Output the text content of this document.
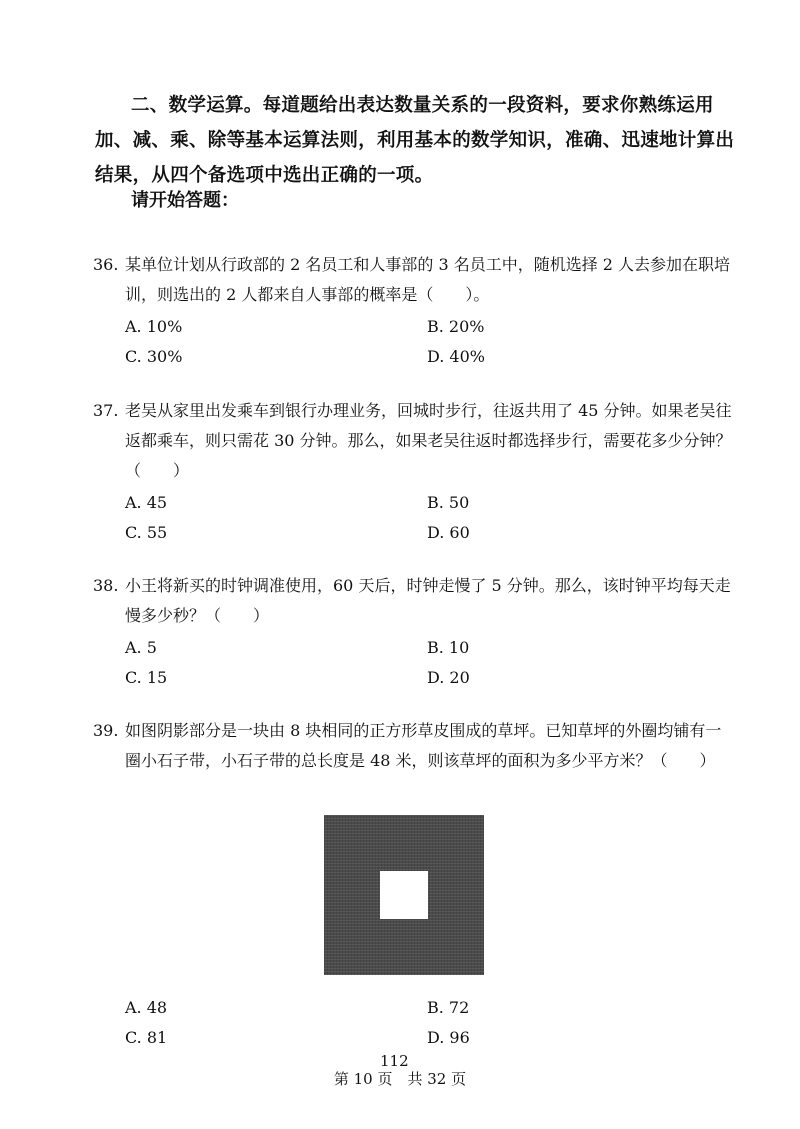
二、数学运算。每道题给出表达数量关系的一段资料，要求你熟练运用加、减、乘、除等基本运算法则，利用基本的数学知识，准确、迅速地计算出结果，从四个备选项中选出正确的一项。

请开始答题：

36. 某单位计划从行政部的 2 名员工和人事部的 3 名员工中，随机选择 2 人去参加在职培训，则选出的 2 人都来自人事部的概率是（　　）。

A. 10%	B. 20%
C. 30%	D. 40%

37. 老吴从家里出发乘车到银行办理业务，回城时步行，往返共用了 45 分钟。如果老吴往返都乘车，则只需花 30 分钟。那么，如果老吴往返时都选择步行，需要花多少分钟？（　　）

A. 45	B. 50
C. 55	D. 60

38. 小王将新买的时钟调准使用，60 天后，时钟走慢了 5 分钟。那么，该时钟平均每天走慢多少秒？（　　）

A. 5	B. 10
C. 15	D. 20

39. 如图阴影部分是一块由 8 块相同的正方形草皮围成的草坪。已知草坪的外圈均铺有一圈小石子带，小石子带的总长度是 48 米，则该草坪的面积为多少平方米？（　　）

A. 48	B. 72
C. 81	D. 96
112
第 10 页　共 32 页
